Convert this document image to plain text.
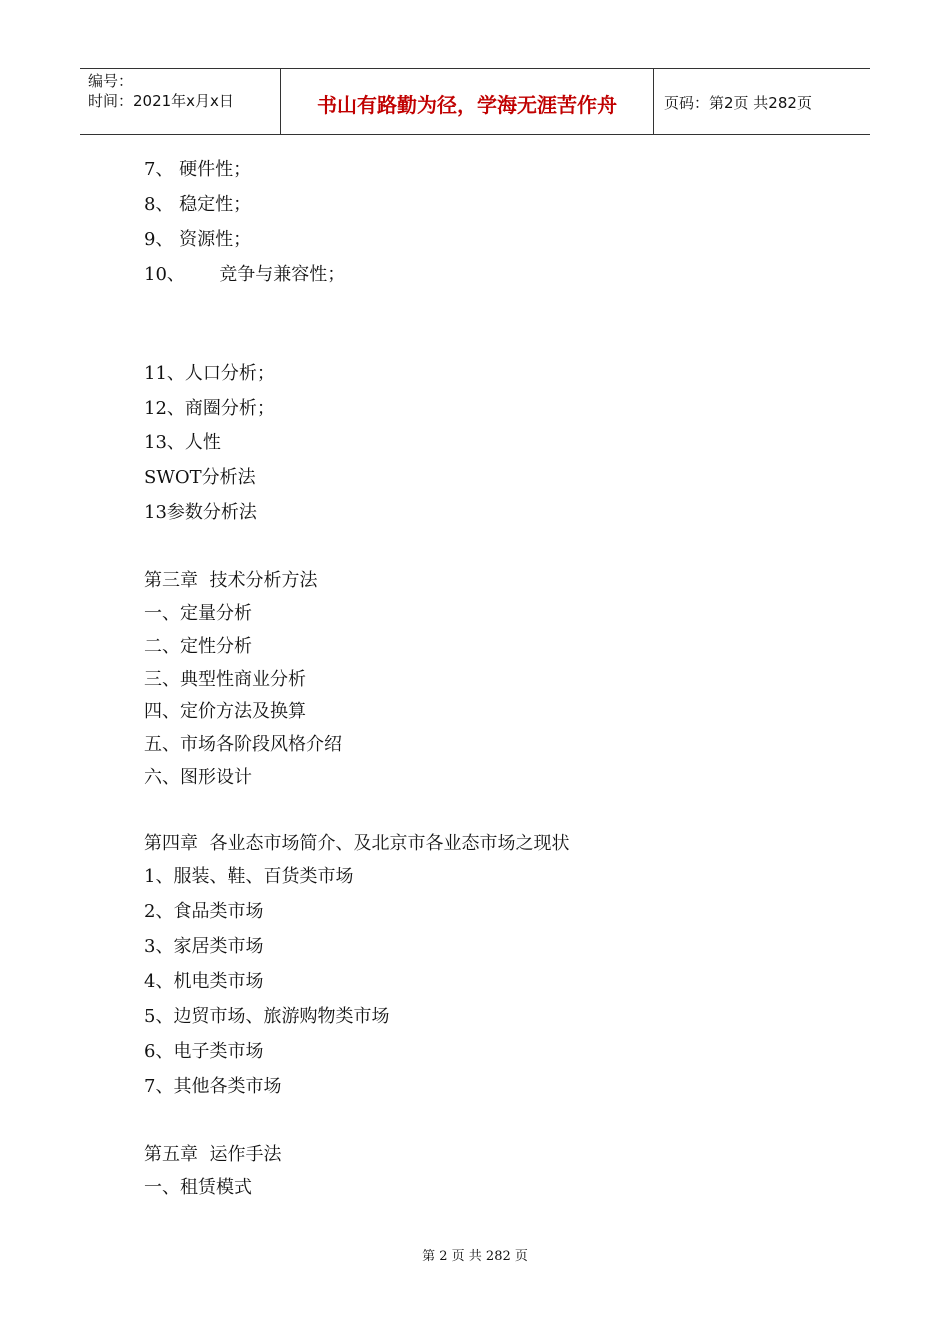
编号：
时间：2021年x月x日	书山有路勤为径，学海无涯苦作舟	页码：第2页 共282页
7、 硬件性；
8、 稳定性；
9、 资源性；
10、      竞争与兼容性；
11、人口分析；
12、商圈分析；
13、人性
SWOT分析法
13参数分析法
第三章  技术分析方法
一、定量分析
二、定性分析
三、典型性商业分析
四、定价方法及换算
五、市场各阶段风格介绍
六、图形设计
第四章  各业态市场简介、及北京市各业态市场之现状
1、服装、鞋、百货类市场
2、食品类市场
3、家居类市场
4、机电类市场
5、边贸市场、旅游购物类市场
6、电子类市场
7、其他各类市场
第五章  运作手法
一、租赁模式
第 2 页 共 282 页
